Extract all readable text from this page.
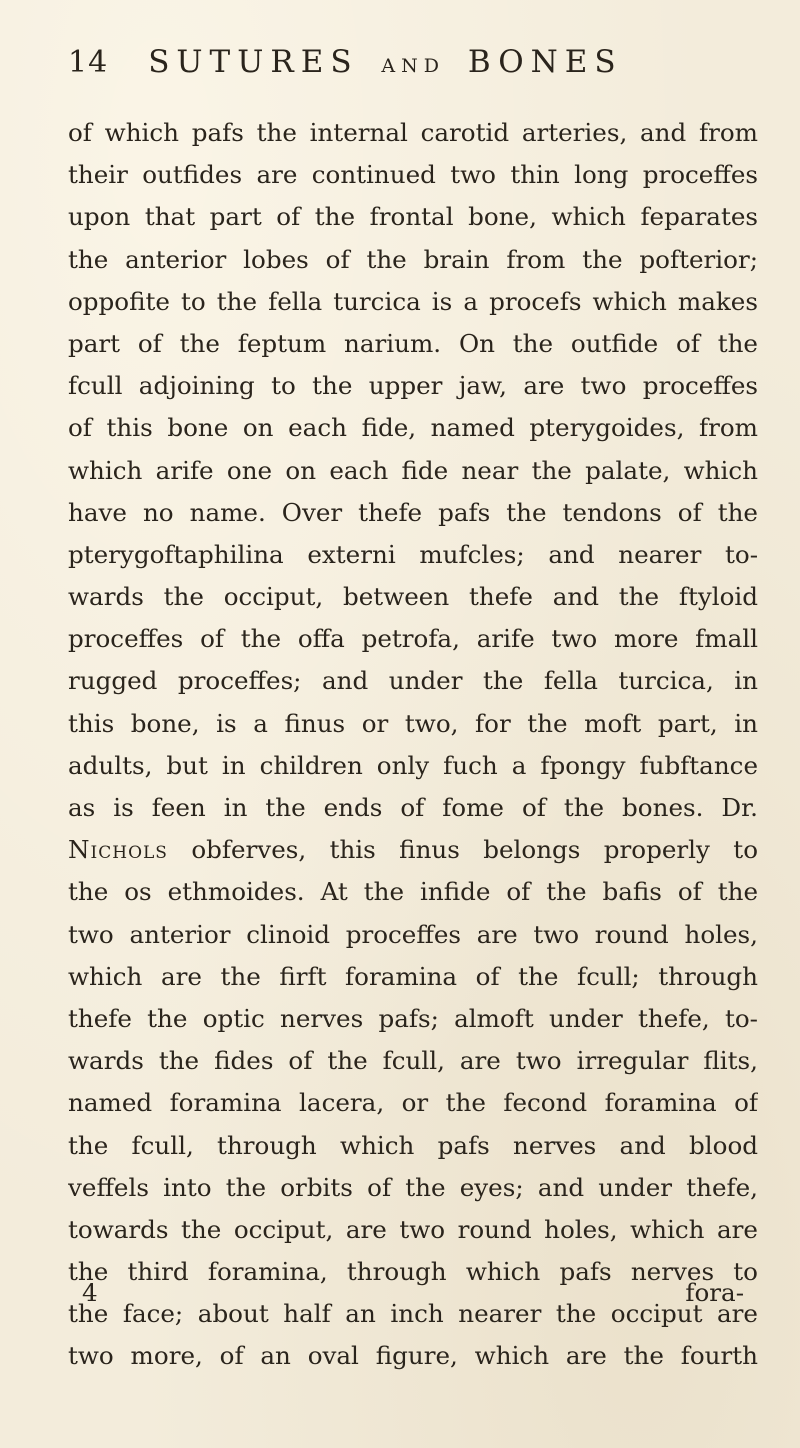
14 SUTURES AND BONES
of which pafs the internal carotid arteries, and from
their outfides are continued two thin long proceffes
upon that part of the frontal bone, which feparates
the anterior lobes of the brain from the pofterior;
oppofite to the fella turcica is a procefs which makes
part of the feptum narium. On the outfide of the
fcull adjoining to the upper jaw, are two proceffes
of this bone on each fide, named pterygoides, from
which arife one on each fide near the palate, which
have no name. Over thefe pafs the tendons of the
pterygoftaphilina externi mufcles; and nearer to-
wards the occiput, between thefe and the ftyloid
proceffes of the offa petrofa, arife two more fmall
rugged proceffes; and under the fella turcica, in
this bone, is a finus or two, for the moft part, in
adults, but in children only fuch a fpongy fubftance
as is feen in the ends of fome of the bones. Dr.
Nichols obferves, this finus belongs properly to
the os ethmoides. At the infide of the bafis of the
two anterior clinoid proceffes are two round holes,
which are the firft foramina of the fcull; through
thefe the optic nerves pafs; almoft under thefe, to-
wards the fides of the fcull, are two irregular flits,
named foramina lacera, or the fecond foramina of
the fcull, through which pafs nerves and blood
veffels into the orbits of the eyes; and under thefe,
towards the occiput, are two round holes, which are
the third foramina, through which pafs nerves to
the face; about half an inch nearer the occiput are
two more, of an oval figure, which are the fourth
4	fora-
